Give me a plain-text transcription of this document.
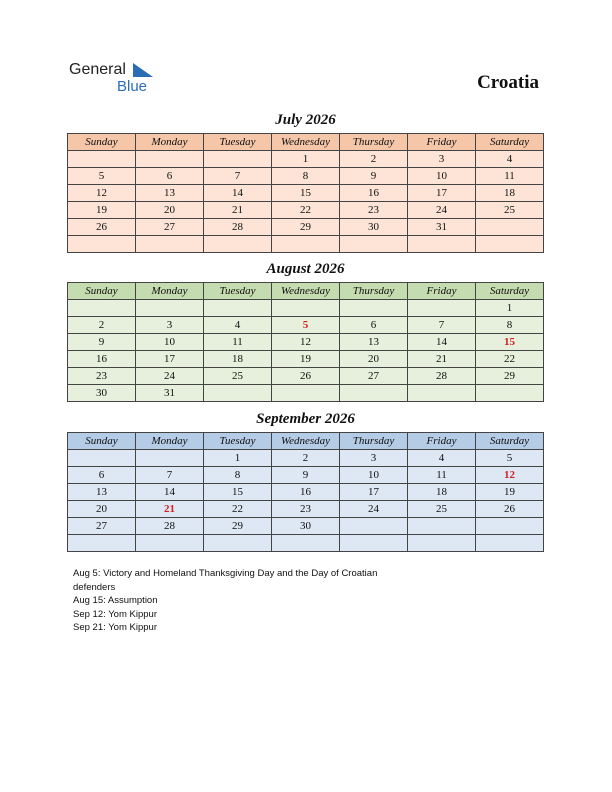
General
Blue	Croatia
July 2026
Sunday	Monday	Tuesday	Wednesday	Thursday	Friday	Saturday
			1	2	3	4
5	6	7	8	9	10	11
12	13	14	15	16	17	18
19	20	21	22	23	24	25
26	27	28	29	30	31	

August 2026
Sunday	Monday	Tuesday	Wednesday	Thursday	Friday	Saturday
						1
2	3	4	5	6	7	8
9	10	11	12	13	14	15
16	17	18	19	20	21	22
23	24	25	26	27	28	29
30	31					
September 2026
Sunday	Monday	Tuesday	Wednesday	Thursday	Friday	Saturday
		1	2	3	4	5
6	7	8	9	10	11	12
13	14	15	16	17	18	19
20	21	22	23	24	25	26
27	28	29	30			

Aug 5: Victory and Homeland Thanksgiving Day and the Day of Croatian
defenders
Aug 15: Assumption
Sep 12: Yom Kippur
Sep 21: Yom Kippur
